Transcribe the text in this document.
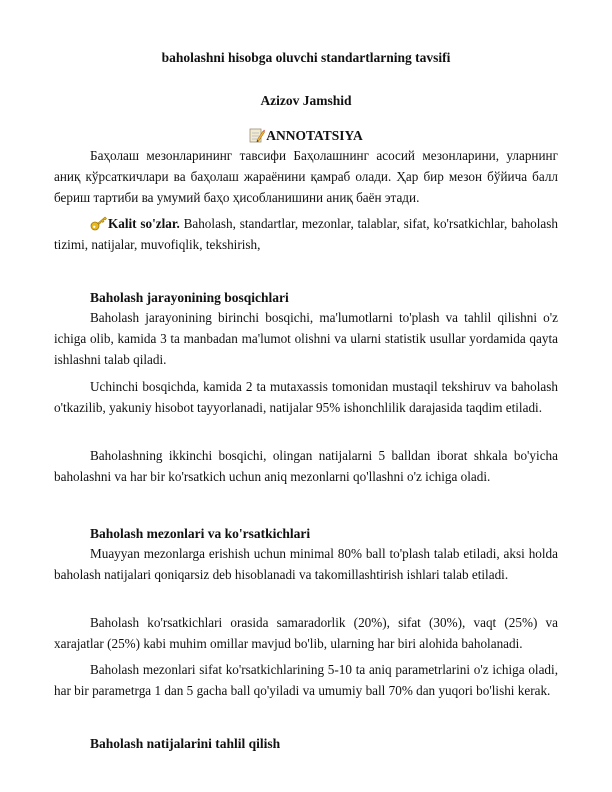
baholashni hisobga oluvchi standartlarning tavsifi
Azizov Jamshid
ANNOTATSIYA
Баҳолаш мезонларининг тавсифи Баҳолашнинг асосий мезонларини, уларнинг аниқ кўрсаткичлари ва баҳолаш жараёнини қамраб олади. Ҳар бир мезон бўйича балл бериш тартиби ва умумий баҳо ҳисобланишини аниқ баён этади.
Kalit so'zlar. Baholash, standartlar, mezonlar, talablar, sifat, ko'rsatkichlar, baholash tizimi, natijalar, muvofiqlik, tekshirish,
Baholash jarayonining bosqichlari
Baholash jarayonining birinchi bosqichi, ma'lumotlarni to'plash va tahlil qilishni o'z ichiga olib, kamida 3 ta manbadan ma'lumot olishni va ularni statistik usullar yordamida qayta ishlashni talab qiladi.
Uchinchi bosqichda, kamida 2 ta mutaxassis tomonidan mustaqil tekshiruv va baholash o'tkazilib, yakuniy hisobot tayyorlanadi, natijalar 95% ishonchlilik darajasida taqdim etiladi.
Baholashning ikkinchi bosqichi, olingan natijalarni 5 balldan iborat shkala bo'yicha baholashni va har bir ko'rsatkich uchun aniq mezonlarni qo'llashni o'z ichiga oladi.
Baholash mezonlari va ko'rsatkichlari
Muayyan mezonlarga erishish uchun minimal 80% ball to'plash talab etiladi, aksi holda baholash natijalari qoniqarsiz deb hisoblanadi va takomillashtirish ishlari talab etiladi.
Baholash ko'rsatkichlari orasida samaradorlik (20%), sifat (30%), vaqt (25%) va xarajatlar (25%) kabi muhim omillar mavjud bo'lib, ularning har biri alohida baholanadi.
Baholash mezonlari sifat ko'rsatkichlarining 5-10 ta aniq parametrlarini o'z ichiga oladi, har bir parametrga 1 dan 5 gacha ball qo'yiladi va umumiy ball 70% dan yuqori bo'lishi kerak.
Baholash natijalarini tahlil qilish
